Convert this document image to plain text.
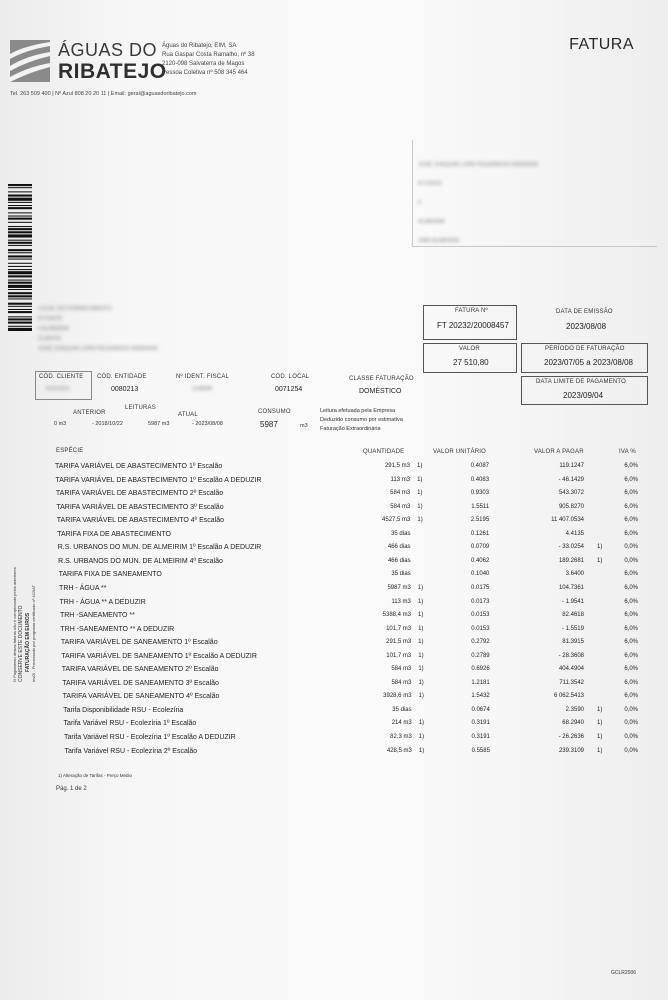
ÁGUAS DO
RIBATEJO
Águas do Ribatejo, EIM, SA
Rua Gaspar Costa Ramalho, nº 38
2120-098 Salvaterra de Magos
Pessoa Coletiva nº 508 345 464
FATURA
Tel. 263 509 400 | Nº Azul 808 20 20 11 | Email: geral@aguasdoribatejo.com
JOSÉ JOAQUIM LOPA FIGUEIREDO ANDRADE
R FONTE
6
ALMEIRIM
2080-ALMEIRIM
LOCAL DO FORNECIMENTO
R FONTE
6 ALMEIRIM
CLIENTE
JOSÉ JOAQUIM LOPA FIGUEIREDO ANDRADE
FATURA Nº
FT 20232/20008457
DATA DE EMISSÃO
2023/08/08
VALOR
27 510,80
PERÍODO DE FATURAÇÃO
2023/07/05 a 2023/08/08
DATA LIMITE DE PAGAMENTO
2023/09/04
CÓD. CLIENTE
8141923
CÓD. ENTIDADE
0080213
Nº IDENT. FISCAL
154806
CÓD. LOCAL
0071254
CLASSE FATURAÇÃO
DOMÉSTICO
LEITURAS
ANTERIOR
0 m3	- 2018/10/22
ATUAL
5987 m3	- 2023/08/08
CONSUMO
5987	m3
Leitura efetuada pela Empresa
Deduzido consumo por estimativa
Faturação Extraordinária
ESPÉCIE	QUANTIDADE	VALOR UNITÁRIO	VALOR A PAGAR	IVA %
TARIFA VARIÁVEL DE ABASTECIMENTO 1º Escalão	291,5 m3 1)	0.4087	119.1247	6,0%
TARIFA VARIÁVEL DE ABASTECIMENTO 1º Escalão A DEDUZIR	113 m3 1)	0.4083	- 46.1429	6,0%
TARIFA VARIÁVEL DE ABASTECIMENTO 2º Escalão	584 m3 1)	0.9303	543.3072	6,0%
TARIFA VARIÁVEL DE ABASTECIMENTO 3º Escalão	584 m3 1)	1.5511	905.8270	6,0%
TARIFA VARIÁVEL DE ABASTECIMENTO 4º Escalão	4527,5 m3 1)	2.5195	11 407.0534	6,0%
TARIFA FIXA DE ABASTECIMENTO	35 dias	0.1261	4.4135	6,0%
R.S. URBANOS DO MUN. DE ALMEIRIM 1º Escalão A DEDUZIR	466 dias	0.0709	- 33.0254 1)	0,0%
R.S. URBANOS DO MUN. DE ALMEIRIM 4º Escalão	466 dias	0.4062	189.2681 1)	0,0%
TARIFA FIXA DE SANEAMENTO	35 dias	0.1040	3.6400	6,0%
TRH - ÁGUA **	5987 m3 1)	0.0175	104.7361	6,0%
TRH - ÁGUA ** A DEDUZIR	113 m3 1)	0.0173	- 1.9541	6,0%
TRH -SANEAMENTO **	5388,4 m3 1)	0.0153	82.4618	6,0%
TRH -SANEAMENTO ** A DEDUZIR	101,7 m3 1)	0.0153	- 1.5519	6,0%
TARIFA VARIÁVEL DE SANEAMENTO 1º Escalão	291,5 m3 1)	0.2792	81.3915	6,0%
TARIFA VARIÁVEL DE SANEAMENTO 1º Escalão A DEDUZIR	101,7 m3 1)	0.2789	- 28.3608	6,0%
TARIFA VARIÁVEL DE SANEAMENTO 2º Escalão	584 m3 1)	0.6926	404.4904	6,0%
TARIFA VARIÁVEL DE SANEAMENTO 3º Escalão	584 m3 1)	1.2181	711.3542	6,0%
TARIFA VARIÁVEL DE SANEAMENTO 4º Escalão	3928,6 m3 1)	1.5432	6 062.5413	6,0%
Tarifa Disponibilidade RSU - Ecolezíria	35 dias	0.0674	2.3590 1)	0,0%
Tarifa Variável RSU - Ecolezíria 1º Escalão	214 m3 1)	0.3191	68.2940 1)	0,0%
Tarifa Variável RSU - Ecolezíria 1º Escalão A DEDUZIR	82,3 m3 1)	0.3191	- 26.2636 1)	0,0%
Tarifa Variável RSU - Ecolezíria 2º Escalão	428,5 m3 1)	0.5585	239.3109 1)	0,0%
1) Alteração de Tarifas - Preço Médio
Pág. 1 de 2
CONSERVE ESTE DOCUMENTO
O Pagamento destas faturas não é comprovado pelos anteriores FATURAÇÃO EM EUROS InvDI - Processado por programa certificado nº 422/AT
GCLR2006
